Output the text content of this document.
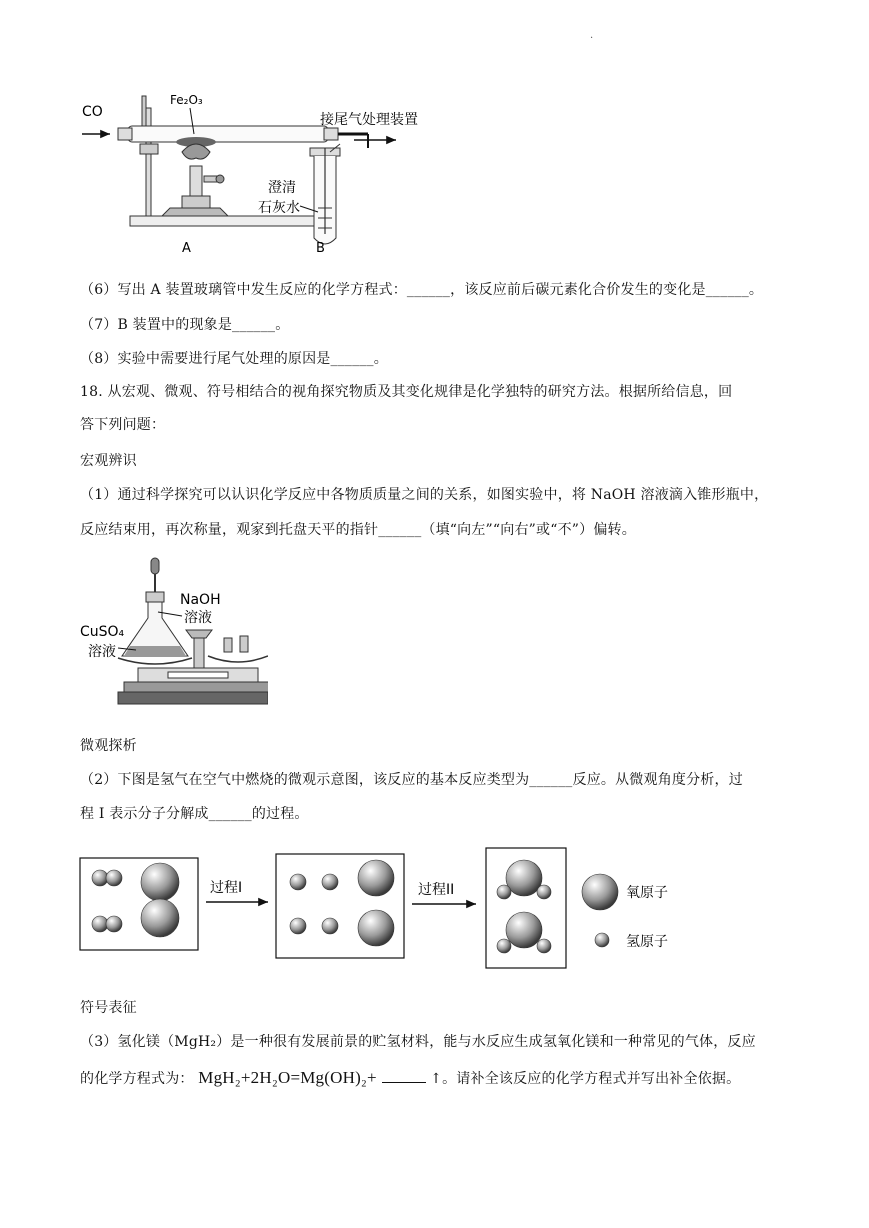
.
CO
Fe₂O₃
接尾气处理装置
澄清
石灰水
A	B
（6）写出 A 装置玻璃管中发生反应的化学方程式：______，该反应前后碳元素化合价发生的变化是______。
（7）B 装置中的现象是______。
（8）实验中需要进行尾气处理的原因是______。
18. 从宏观、微观、符号相结合的视角探究物质及其变化规律是化学独特的研究方法。根据所给信息，回
答下列问题：
宏观辨识
（1）通过科学探究可以认识化学反应中各物质质量之间的关系，如图实验中，将 NaOH 溶液滴入锥形瓶中，
反应结束用，再次称量，观家到托盘天平的指针______（填“向左”“向右”或“不”）偏转。
NaOH
溶液
CuSO₄
溶液
微观探析
（2）下图是氢气在空气中燃烧的微观示意图，该反应的基本反应类型为______反应。从微观角度分析，过
程 I 表示分子分解成______的过程。
过程I	过程II	氧原子
氢原子
符号表征
（3）氢化镁（MgH₂）是一种很有发展前景的贮氢材料，能与水反应生成氢氧化镁和一种常见的气体，反应
的化学方程式为： MgH₂+2H₂O=Mg(OH)₂+	↑。请补全该反应的化学方程式并写出补全依据。
